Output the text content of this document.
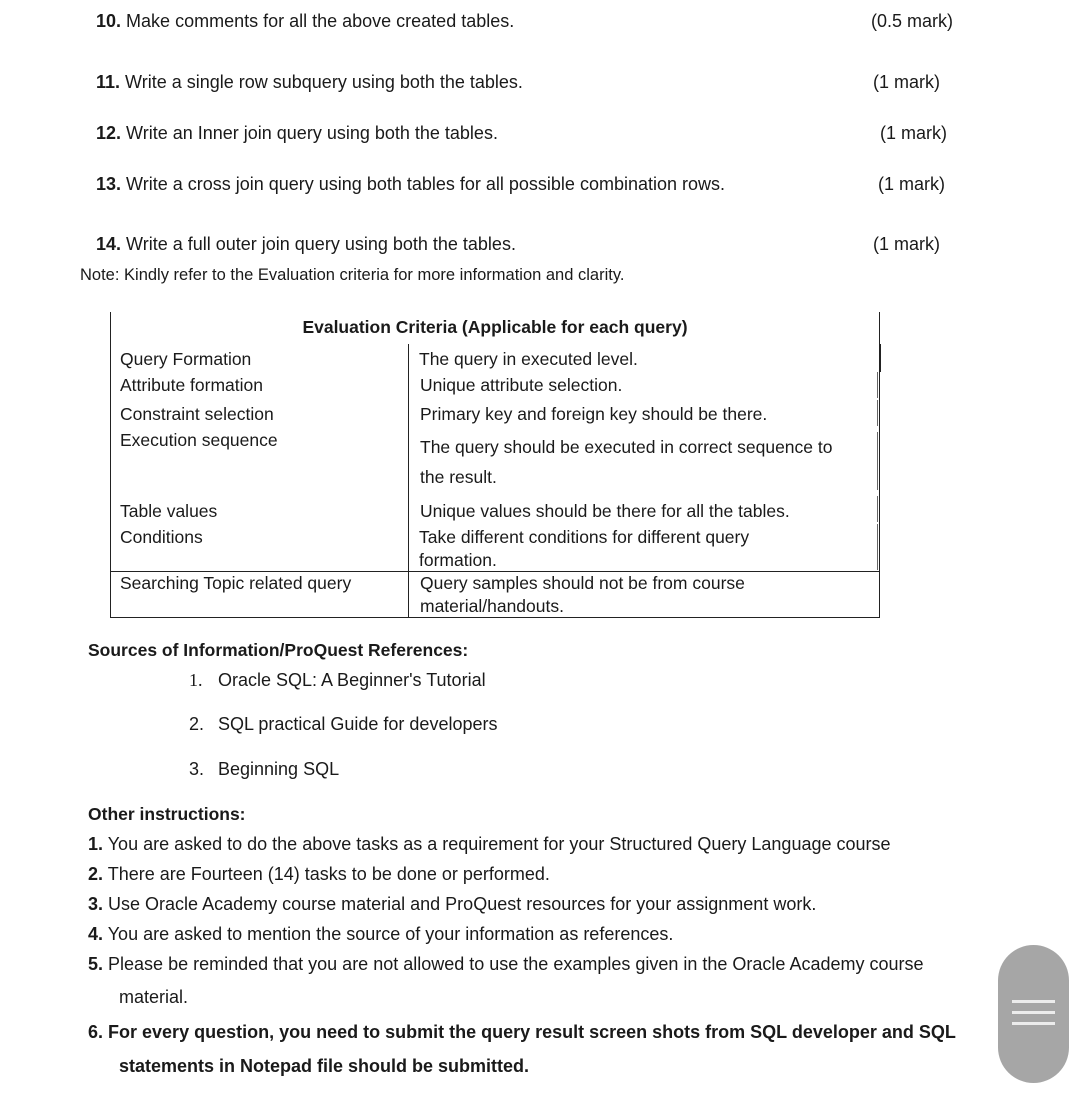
10. Make comments for all the above created tables.	(0.5 mark)
11. Write a single row subquery using both the tables.	(1 mark)
12. Write an Inner join query using both the tables.	(1 mark)
13. Write a cross join query using both tables for all possible combination rows.	(1 mark)
14. Write a full outer join query using both the tables.	(1 mark)
Note: Kindly refer to the Evaluation criteria for more information and clarity.
Evaluation Criteria (Applicable for each query)
Query Formation	The query in executed level.
Attribute formation	Unique attribute selection.
Constraint selection	Primary key and foreign key should be there.
Execution sequence	The query should be executed in correct sequence to
the result.
Table values	Unique values should be there for all the tables.
Conditions	Take different conditions for different query
formation.
Searching Topic related query	Query samples should not be from course
material/handouts.
Sources of Information/ProQuest References:
1. Oracle SQL: A Beginner's Tutorial
2. SQL practical Guide for developers
3. Beginning SQL
Other instructions:
1. You are asked to do the above tasks as a requirement for your Structured Query Language course
2. There are Fourteen (14) tasks to be done or performed.
3. Use Oracle Academy course material and ProQuest resources for your assignment work.
4. You are asked to mention the source of your information as references.
5. Please be reminded that you are not allowed to use the examples given in the Oracle Academy course
material.
6. For every question, you need to submit the query result screen shots from SQL developer and SQL
statements in Notepad file should be submitted.
